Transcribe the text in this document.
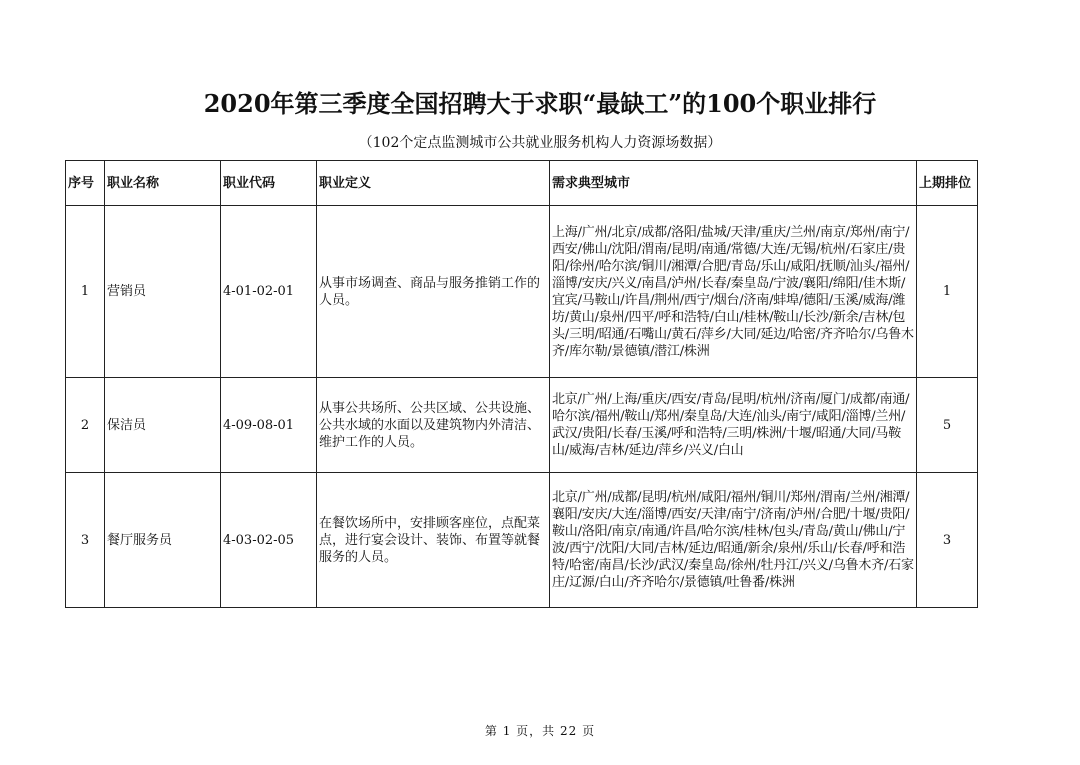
2020年第三季度全国招聘大于求职“最缺工”的100个职业排行
（102个定点监测城市公共就业服务机构人力资源场数据）
序号	职业名称	职业代码	职业定义	需求典型城市	上期排位
1	营销员	4-01-02-01	从事市场调查、商品与服务推销工作的人员。	上海/广州/北京/成都/洛阳/盐城/天津/重庆/兰州/南京/郑州/南宁/西安/佛山/沈阳/渭南/昆明/南通/常德/大连/无锡/杭州/石家庄/贵阳/徐州/哈尔滨/铜川/湘潭/合肥/青岛/乐山/咸阳/抚顺/汕头/福州/淄博/安庆/兴义/南昌/泸州/长春/秦皇岛/宁波/襄阳/绵阳/佳木斯/宜宾/马鞍山/许昌/荆州/西宁/烟台/济南/蚌埠/德阳/玉溪/威海/潍坊/黄山/泉州/四平/呼和浩特/白山/桂林/鞍山/长沙/新余/吉林/包头/三明/昭通/石嘴山/黄石/萍乡/大同/延边/哈密/齐齐哈尔/乌鲁木齐/库尔勒/景德镇/潜江/株洲	1
2	保洁员	4-09-08-01	从事公共场所、公共区域、公共设施、公共水域的水面以及建筑物内外清洁、维护工作的人员。	北京/广州/上海/重庆/西安/青岛/昆明/杭州/济南/厦门/成都/南通/哈尔滨/福州/鞍山/郑州/秦皇岛/大连/汕头/南宁/咸阳/淄博/兰州/武汉/贵阳/长春/玉溪/呼和浩特/三明/株洲/十堰/昭通/大同/马鞍山/威海/吉林/延边/萍乡/兴义/白山	5
3	餐厅服务员	4-03-02-05	在餐饮场所中，安排顾客座位，点配菜点，进行宴会设计、装饰、布置等就餐服务的人员。	北京/广州/成都/昆明/杭州/咸阳/福州/铜川/郑州/渭南/兰州/湘潭/襄阳/安庆/大连/淄博/西安/天津/南宁/济南/泸州/合肥/十堰/贵阳/鞍山/洛阳/南京/南通/许昌/哈尔滨/桂林/包头/青岛/黄山/佛山/宁波/西宁/沈阳/大同/吉林/延边/昭通/新余/泉州/乐山/长春/呼和浩特/哈密/南昌/长沙/武汉/秦皇岛/徐州/牡丹江/兴义/乌鲁木齐/石家庄/辽源/白山/齐齐哈尔/景德镇/吐鲁番/株洲	3
第 1 页，共 22 页
